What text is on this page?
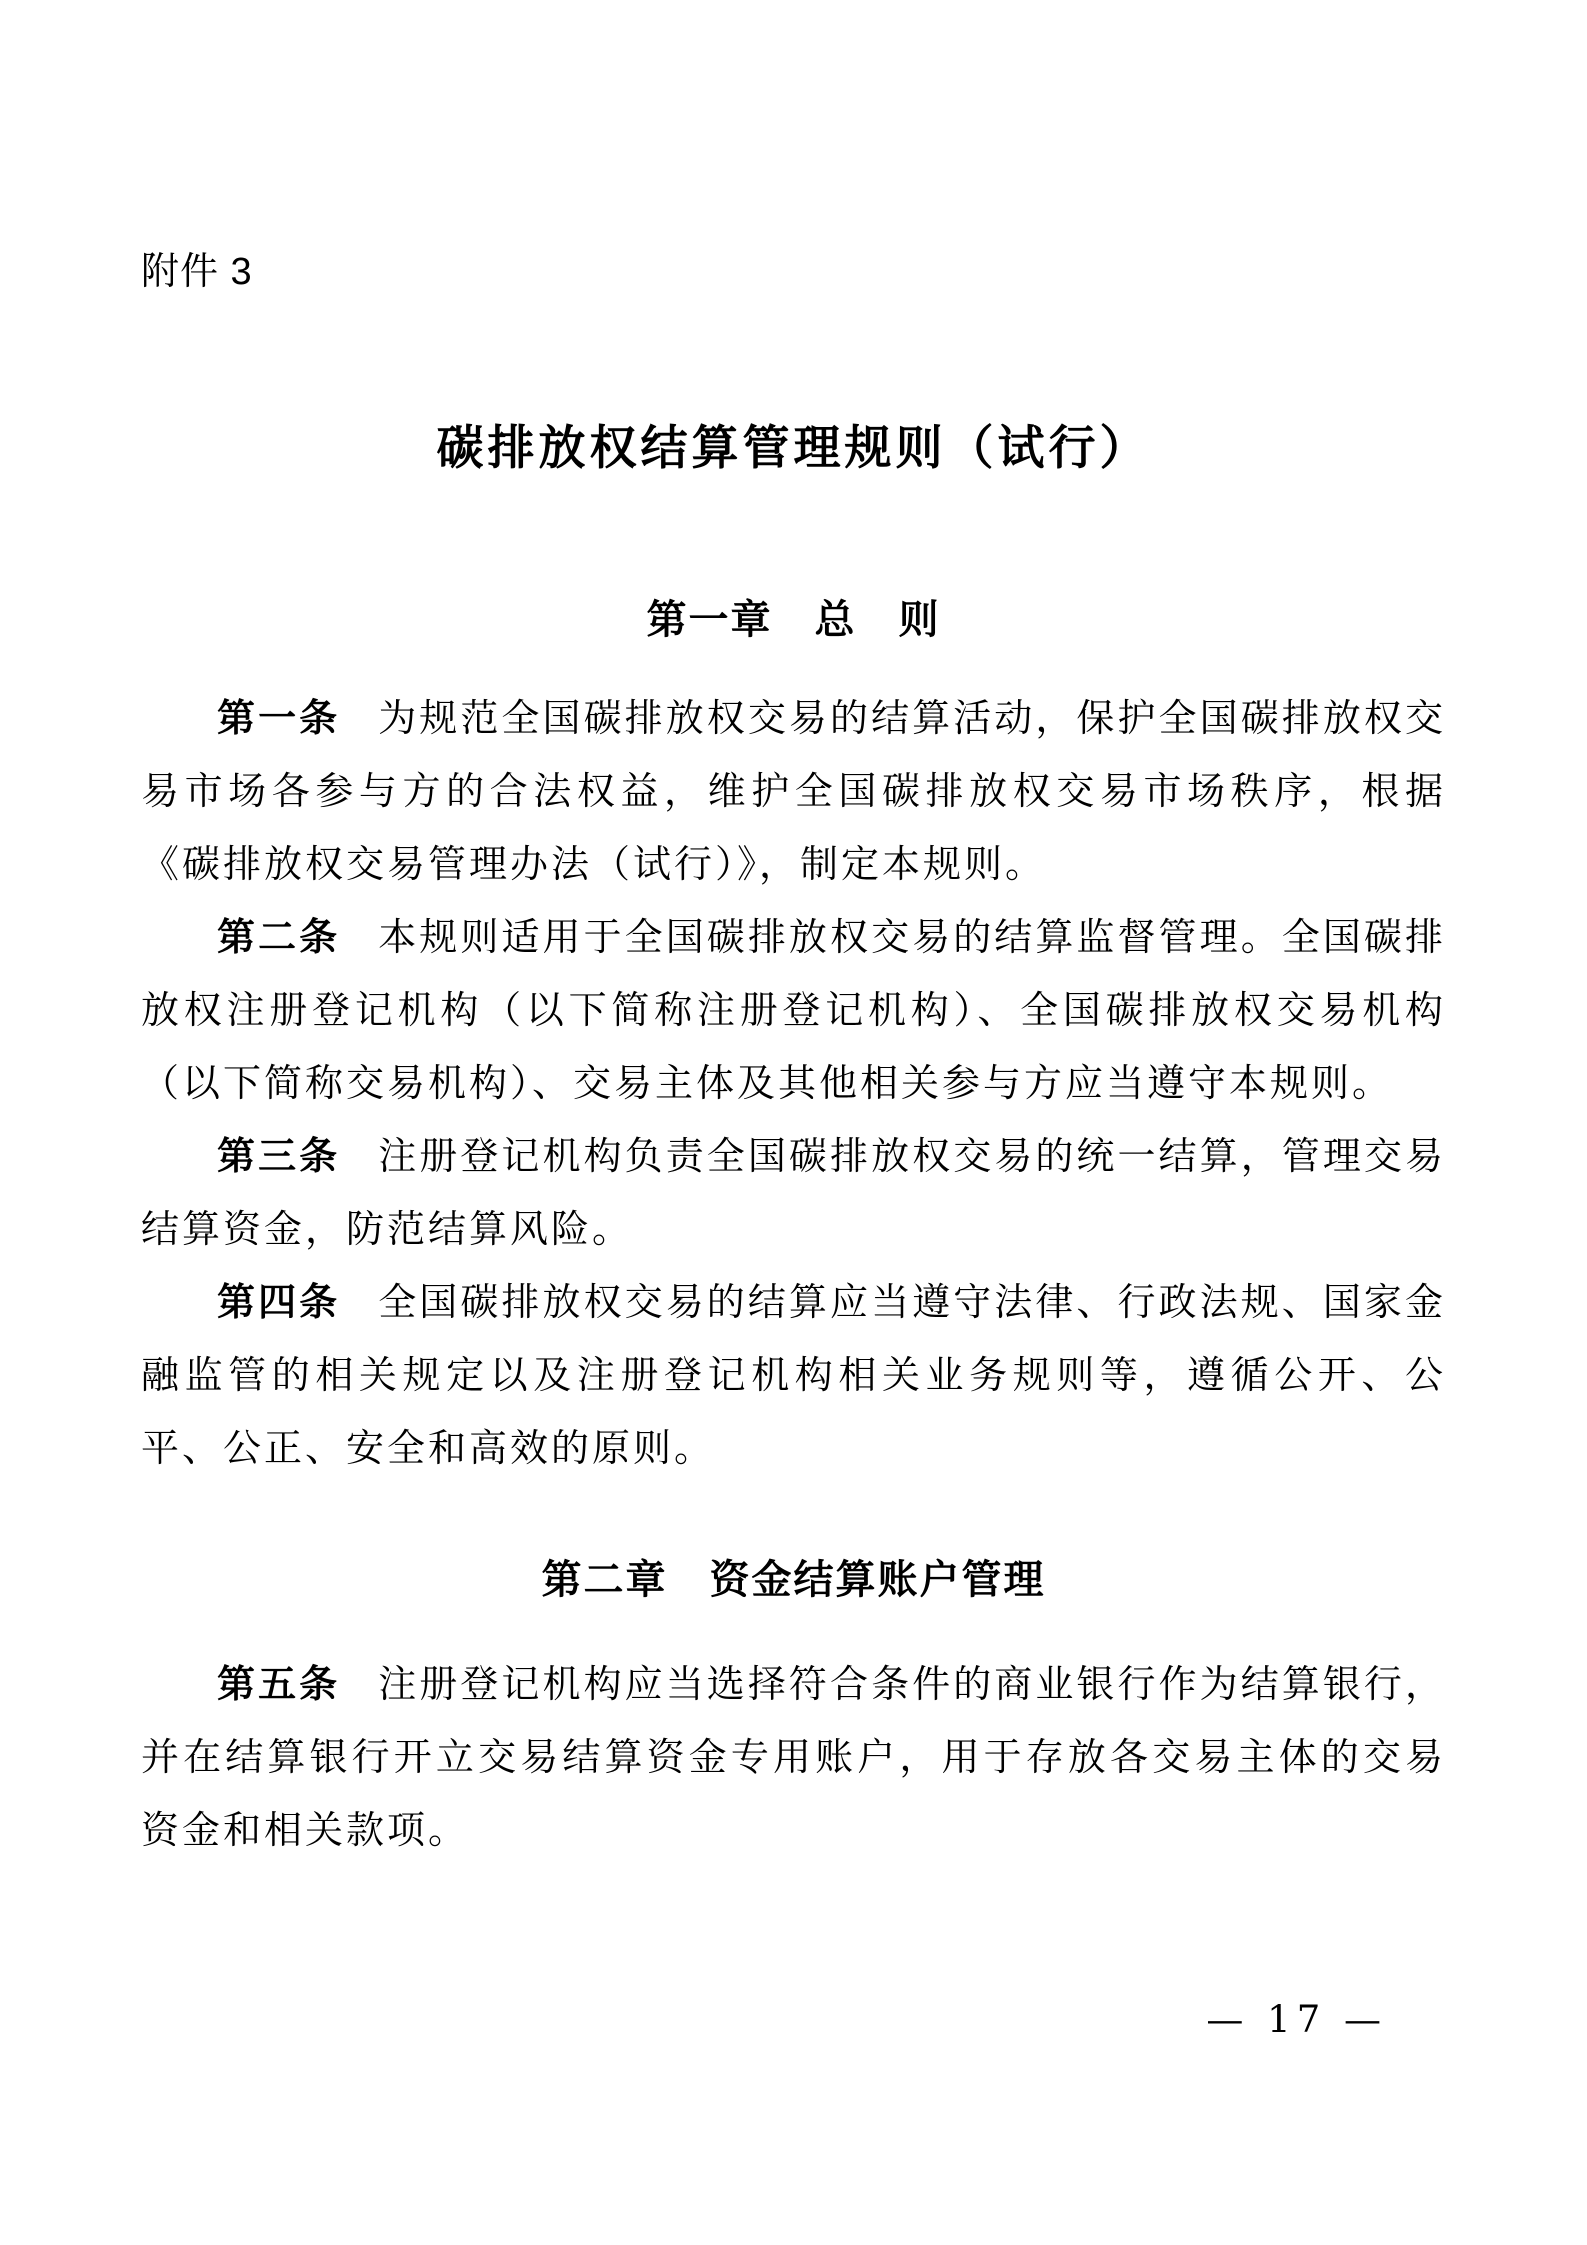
附件 3
碳排放权结算管理规则（试行）
第一章　总　则

第一条 为规范全国碳排放权交易的结算活动，保护全国碳排放权交易市场各参与方的合法权益，维护全国碳排放权交易市场秩序，根据《碳排放权交易管理办法（试行）》，制定本规则。

第二条 本规则适用于全国碳排放权交易的结算监督管理。全国碳排放权注册登记机构（以下简称注册登记机构）、全国碳排放权交易机构（以下简称交易机构）、交易主体及其他相关参与方应当遵守本规则。

第三条 注册登记机构负责全国碳排放权交易的统一结算，管理交易结算资金，防范结算风险。

第四条 全国碳排放权交易的结算应当遵守法律、行政法规、国家金融监管的相关规定以及注册登记机构相关业务规则等，遵循公开、公平、公正、安全和高效的原则。

第二章　资金结算账户管理

第五条 注册登记机构应当选择符合条件的商业银行作为结算银行，并在结算银行开立交易结算资金专用账户，用于存放各交易主体的交易资金和相关款项。

— 17 —
